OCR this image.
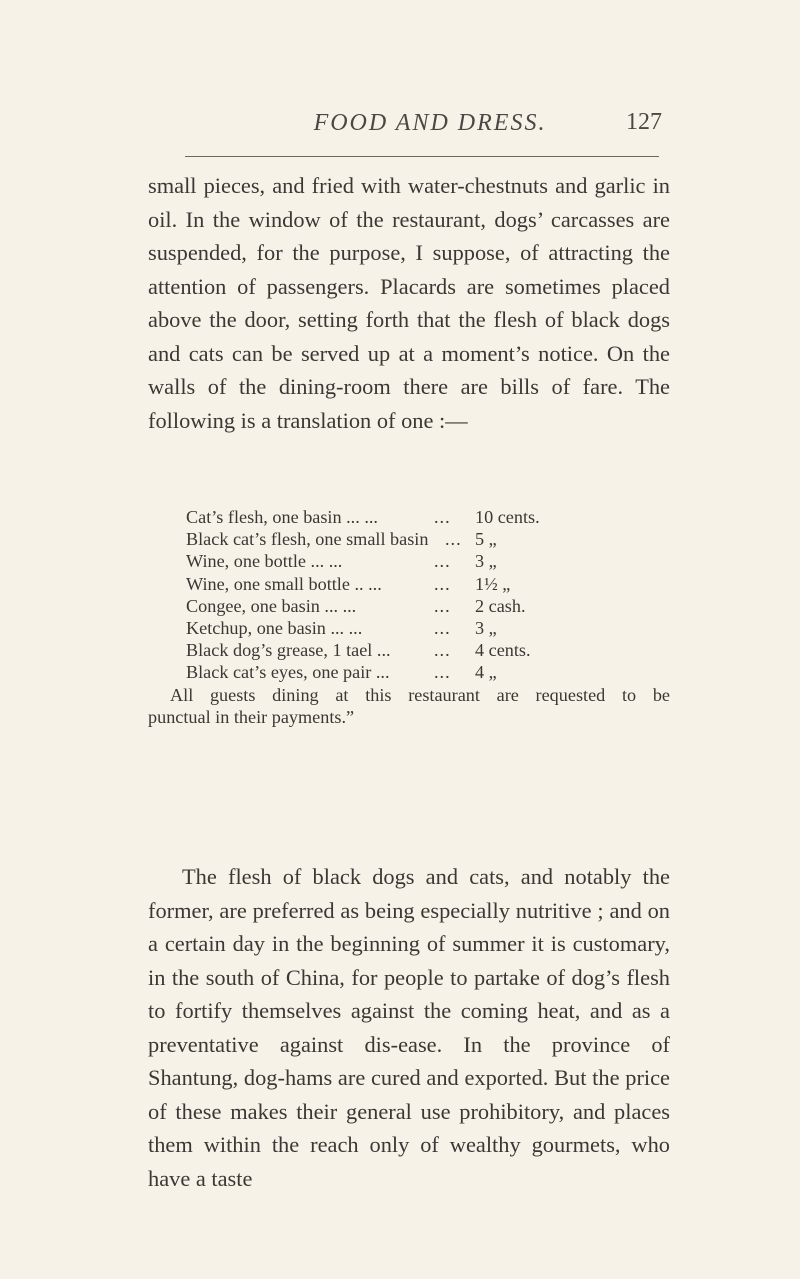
FOOD AND DRESS.	127

small pieces, and fried with water-chestnuts and garlic in oil. In the window of the restaurant, dogs’ carcasses are suspended, for the purpose, I suppose, of attracting the attention of passengers. Placards are sometimes placed above the door, setting forth that the flesh of black dogs and cats can be served up at a moment’s notice. On the walls of the dining-room there are bills of fare. The following is a translation of one :—

Cat’s flesh, one basin ... ...	... 10 cents.
Black cat’s flesh, one small basin ... 5 „
Wine, one bottle ... ...	... 3 „
Wine, one small bottle .. ...	... 1½ „
Congee, one basin ... ...	... 2 cash.
Ketchup, one basin ... ...	... 3 „
Black dog’s grease, 1 tael ... ... 4 cents.
Black cat’s eyes, one pair ... ... 4 „
All guests dining at this restaurant are requested to be
punctual in their payments.”

The flesh of black dogs and cats, and notably the former, are preferred as being especially nutritive ; and on a certain day in the beginning of summer it is customary, in the south of China, for people to partake of dog’s flesh to fortify themselves against the coming heat, and as a preventative against dis-ease. In the province of Shantung, dog-hams are cured and exported. But the price of these makes their general use prohibitory, and places them within the reach only of wealthy gourmets, who have a taste
